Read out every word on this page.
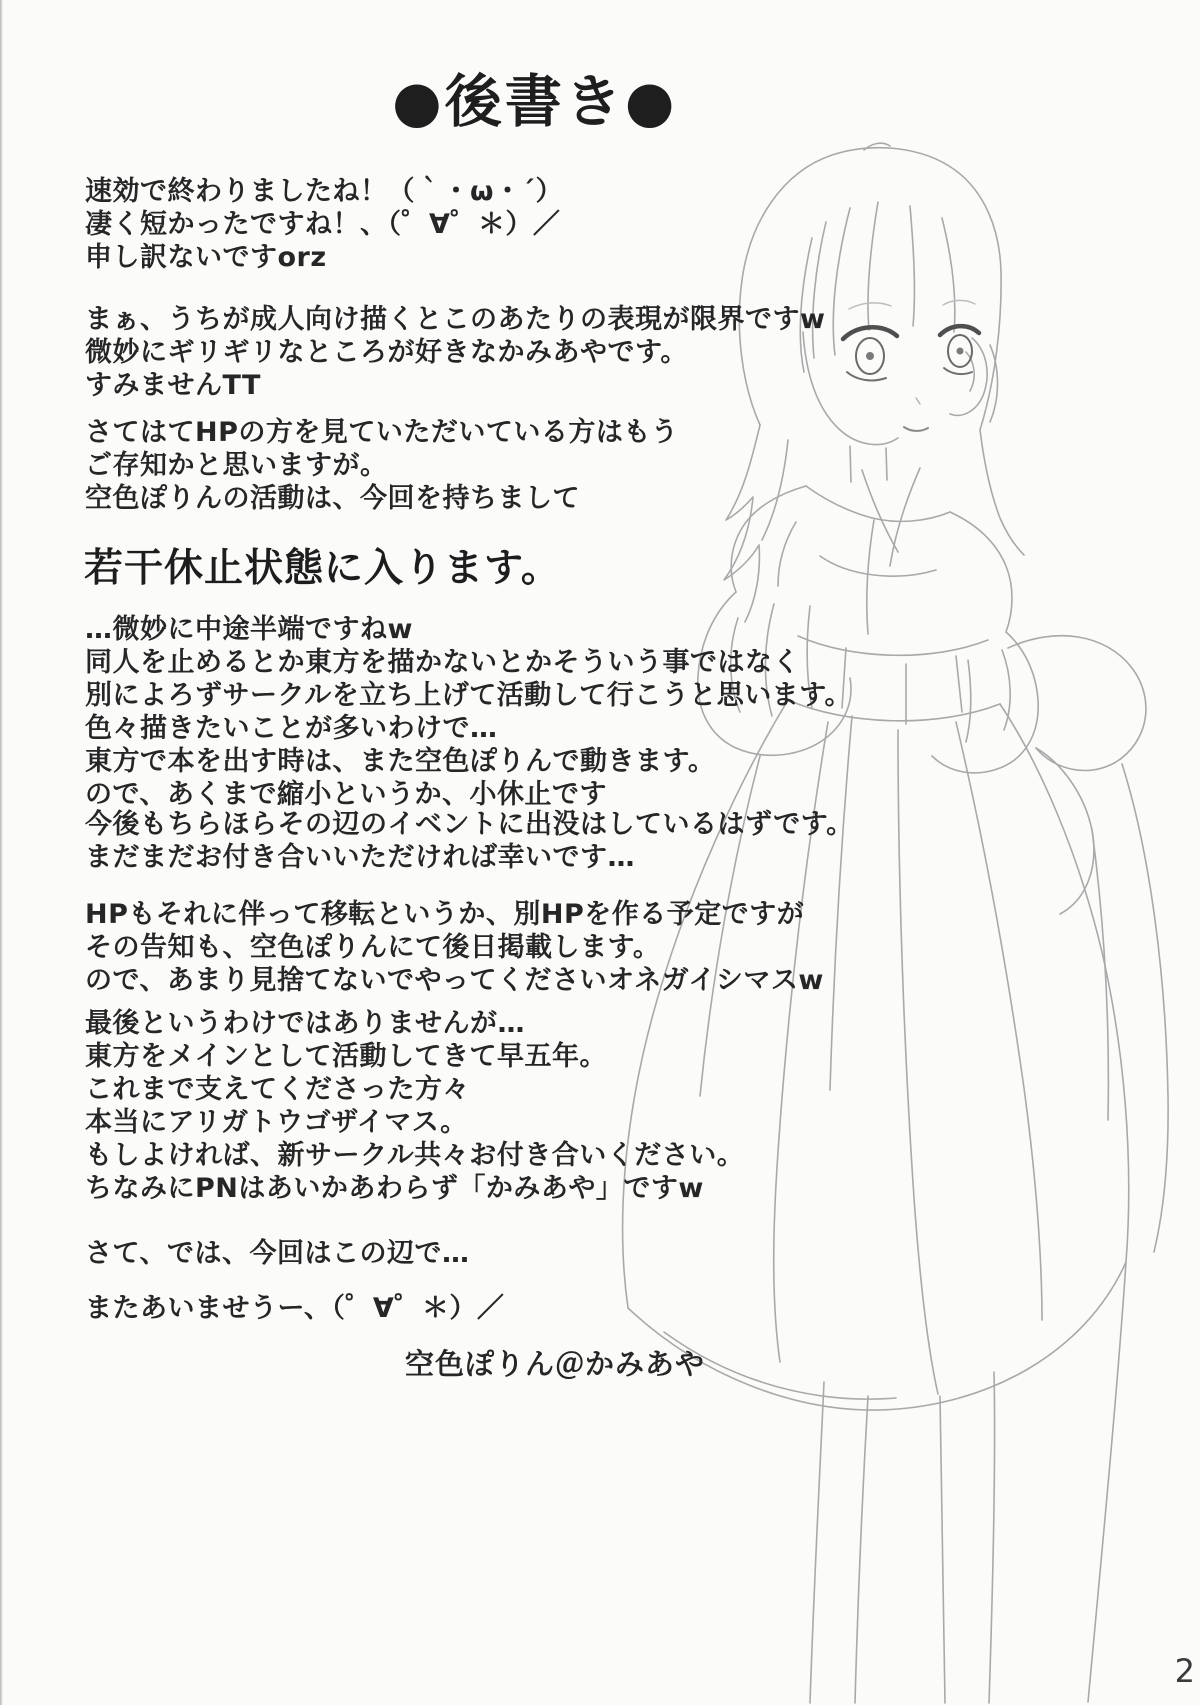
●後書き●
速効で終わりましたね！（｀・ω・´）
凄く短かったですね！、（゜∀゜＊）／
申し訳ないですorz
まぁ、うちが成人向け描くとこのあたりの表現が限界ですw
微妙にギリギリなところが好きなかみあやです。
すみませんTT
さてはてHPの方を見ていただいている方はもう
ご存知かと思いますが。
空色ぽりんの活動は、今回を持ちまして
若干休止状態に入ります。
…微妙に中途半端ですねw
同人を止めるとか東方を描かないとかそういう事ではなく
別によろずサークルを立ち上げて活動して行こうと思います。
色々描きたいことが多いわけで…
東方で本を出す時は、また空色ぽりんで動きます。
ので、あくまで縮小というか、小休止です
今後もちらほらその辺のイベントに出没はしているはずです。
まだまだお付き合いいただければ幸いです…
HPもそれに伴って移転というか、別HPを作る予定ですが
その告知も、空色ぽりんにて後日掲載します。
ので、あまり見捨てないでやってくださいオネガイシマスw
最後というわけではありませんが…
東方をメインとして活動してきて早五年。
これまで支えてくださった方々
本当にアリガトウゴザイマス。
もしよければ、新サークル共々お付き合いください。
ちなみにPNはあいかあわらず「かみあや」ですw
さて、では、今回はこの辺で…
またあいませうー、（゜∀゜＊）／
空色ぽりん＠かみあや
2
